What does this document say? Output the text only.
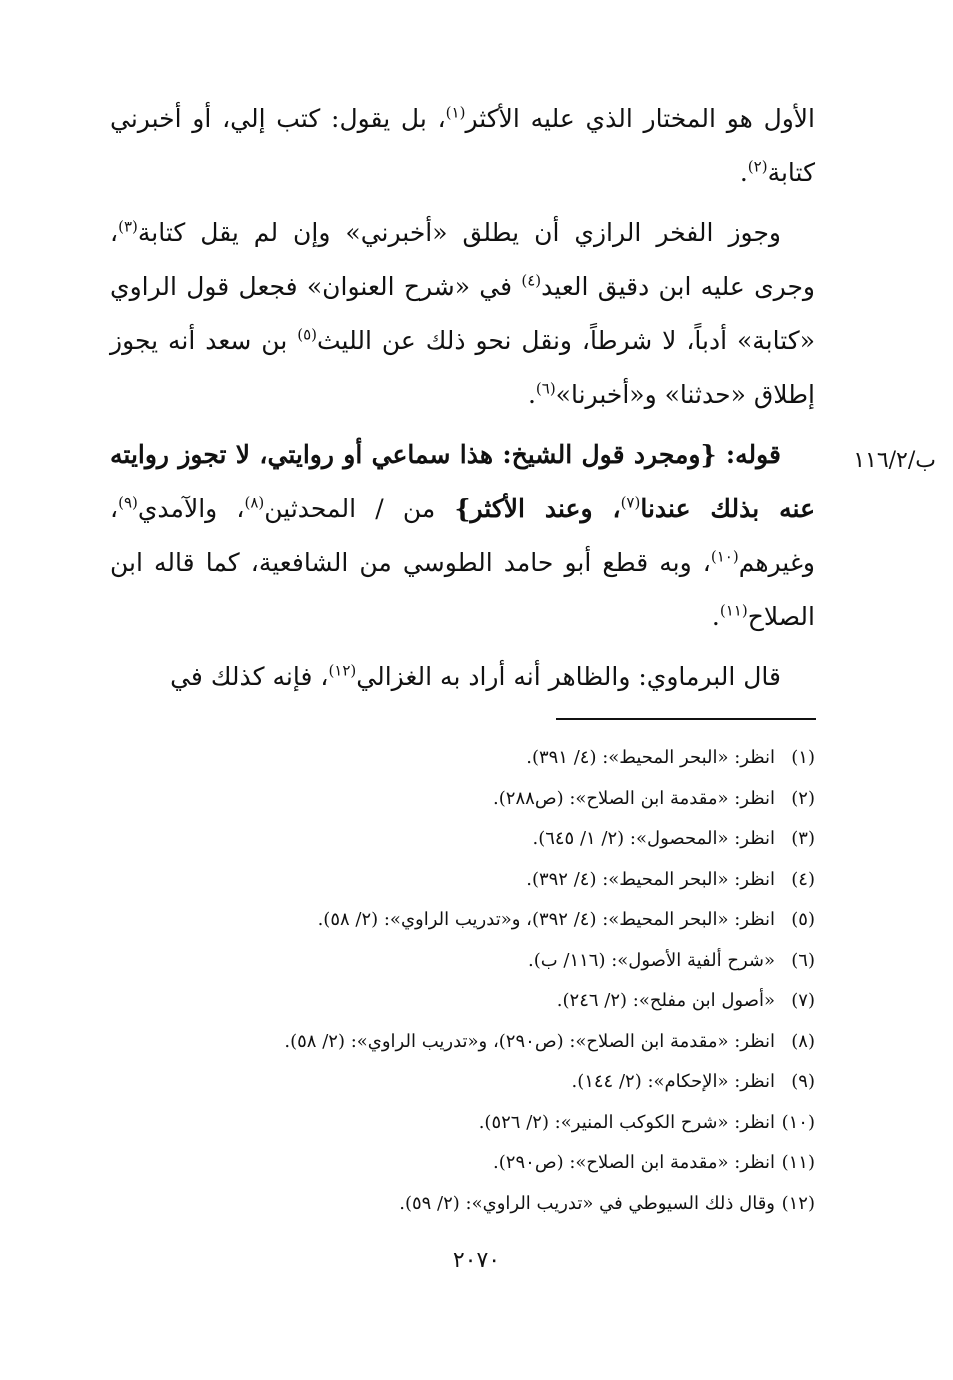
الأول هو المختار الذي عليه الأكثر$^{(١)}$، بل يقول: كتب إلي، أو أخبرني كتابة$^{(٢)}$.

وجوز الفخر الرازي أن يطلق «أخبرني» وإن لم يقل كتابة$^{(٣)}$، وجرى عليه ابن دقيق العيد$^{(٤)}$ في «شرح العنوان» فجعل قول الراوي «كتابة» أدباً، لا شرطاً، ونقل نحو ذلك عن الليث$^{(٥)}$ بن سعد أنه يجوز إطلاق «حدثنا» و«أخبرنا»$^{(٦)}$.

قوله: {ومجرد قول الشيخ: هذا سماعي أو روايتي، لا تجوز روايته عنه بذلك عندنا$^{(٧)}$، وعند الأكثر} من / المحدثين$^{(٨)}$، والآمدي$^{(٩)}$، وغيرهم$^{(١٠)}$، وبه قطع أبو حامد الطوسي من الشافعية، كما قاله ابن الصلاح$^{(١١)}$.

قال البرماوي: والظاهر أنه أراد به الغزالي$^{(١٢)}$، فإنه كذلك في

ب/١١٦/٢
(١)انظر: «البحر المحيط»: (٤/ ٣٩١).
(٢)انظر: «مقدمة ابن الصلاح»: (ص٢٨٨).
(٣)انظر: «المحصول»: (٢/ ١/ ٦٤٥).
(٤)انظر: «البحر المحيط»: (٤/ ٣٩٢).
(٥)انظر: «البحر المحيط»: (٤/ ٣٩٢)، و«تدريب الراوي»: (٢/ ٥٨).
(٦)«شرح ألفية الأصول»: (١١٦/ ب).
(٧)«أصول ابن مفلح»: (٢/ ٢٤٦).
(٨)انظر: «مقدمة ابن الصلاح»: (ص٢٩٠)، و«تدريب الراوي»: (٢/ ٥٨).
(٩)انظر: «الإحكام»: (٢/ ١٤٤).
(١٠)انظر: «شرح الكوكب المنير»: (٢/ ٥٢٦).
(١١)انظر: «مقدمة ابن الصلاح»: (ص٢٩٠).
(١٢)وقال ذلك السيوطي في «تدريب الراوي»: (٢/ ٥٩).
٢٠٧٠
